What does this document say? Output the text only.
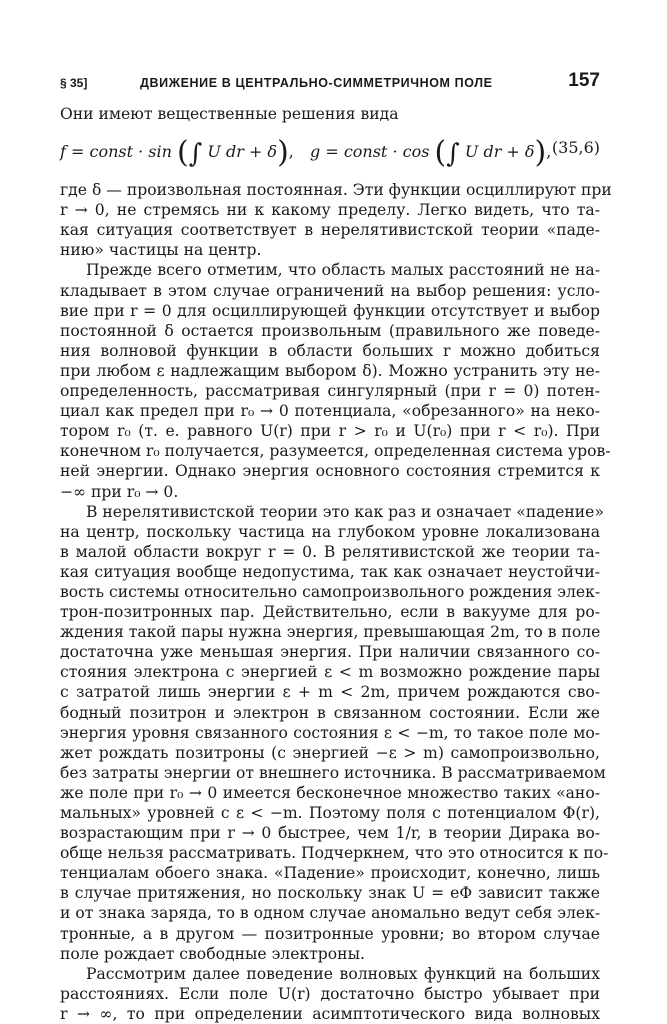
§ 35]	ДВИЖЕНИЕ В ЦЕНТРАЛЬНО-СИММЕТРИЧНОМ ПОЛЕ	157
Они имеют вещественные решения вида
f = const · sin (∫ U dr + δ), g = const · cos (∫ U dr + δ), (35,6)
где δ — произвольная постоянная. Эти функции осциллируют при
r → 0, не стремясь ни к какому пределу. Легко видеть, что та-
кая ситуация соответствует в нерелятивистской теории «паде-
нию» частицы на центр.
Прежде всего отметим, что область малых расстояний не на-
кладывает в этом случае ограничений на выбор решения: усло-
вие при r = 0 для осциллирующей функции отсутствует и выбор
постоянной δ остается произвольным (правильного же поведе-
ния волновой функции в области больших r можно добиться
при любом ε надлежащим выбором δ). Можно устранить эту не-
определенность, рассматривая сингулярный (при r = 0) потен-
циал как предел при r₀ → 0 потенциала, «обрезанного» на неко-
тором r₀ (т. е. равного U(r) при r > r₀ и U(r₀) при r < r₀). При
конечном r₀ получается, разумеется, определенная система уров-
ней энергии. Однако энергия основного состояния стремится к
−∞ при r₀ → 0.
В нерелятивистской теории это как раз и означает «падение»
на центр, поскольку частица на глубоком уровне локализована
в малой области вокруг r = 0. В релятивистской же теории та-
кая ситуация вообще недопустима, так как означает неустойчи-
вость системы относительно самопроизвольного рождения элек-
трон-позитронных пар. Действительно, если в вакууме для ро-
ждения такой пары нужна энергия, превышающая 2m, то в поле
достаточна уже меньшая энергия. При наличии связанного со-
стояния электрона с энергией ε < m возможно рождение пары
с затратой лишь энергии ε + m < 2m, причем рождаются сво-
бодный позитрон и электрон в связанном состоянии. Если же
энергия уровня связанного состояния ε < −m, то такое поле мо-
жет рождать позитроны (с энергией −ε > m) самопроизвольно,
без затраты энергии от внешнего источника. В рассматриваемом
же поле при r₀ → 0 имеется бесконечное множество таких «ано-
мальных» уровней с ε < −m. Поэтому поля с потенциалом Φ(r),
возрастающим при r → 0 быстрее, чем 1/r, в теории Дирака во-
обще нельзя рассматривать. Подчеркнем, что это относится к по-
тенциалам обоего знака. «Падение» происходит, конечно, лишь
в случае притяжения, но поскольку знак U = eΦ зависит также
и от знака заряда, то в одном случае аномально ведут себя элек-
тронные, а в другом — позитронные уровни; во втором случае
поле рождает свободные электроны.
Рассмотрим далее поведение волновых функций на больших
расстояниях. Если поле U(r) достаточно быстро убывает при
r → ∞, то при определении асимптотического вида волновых
